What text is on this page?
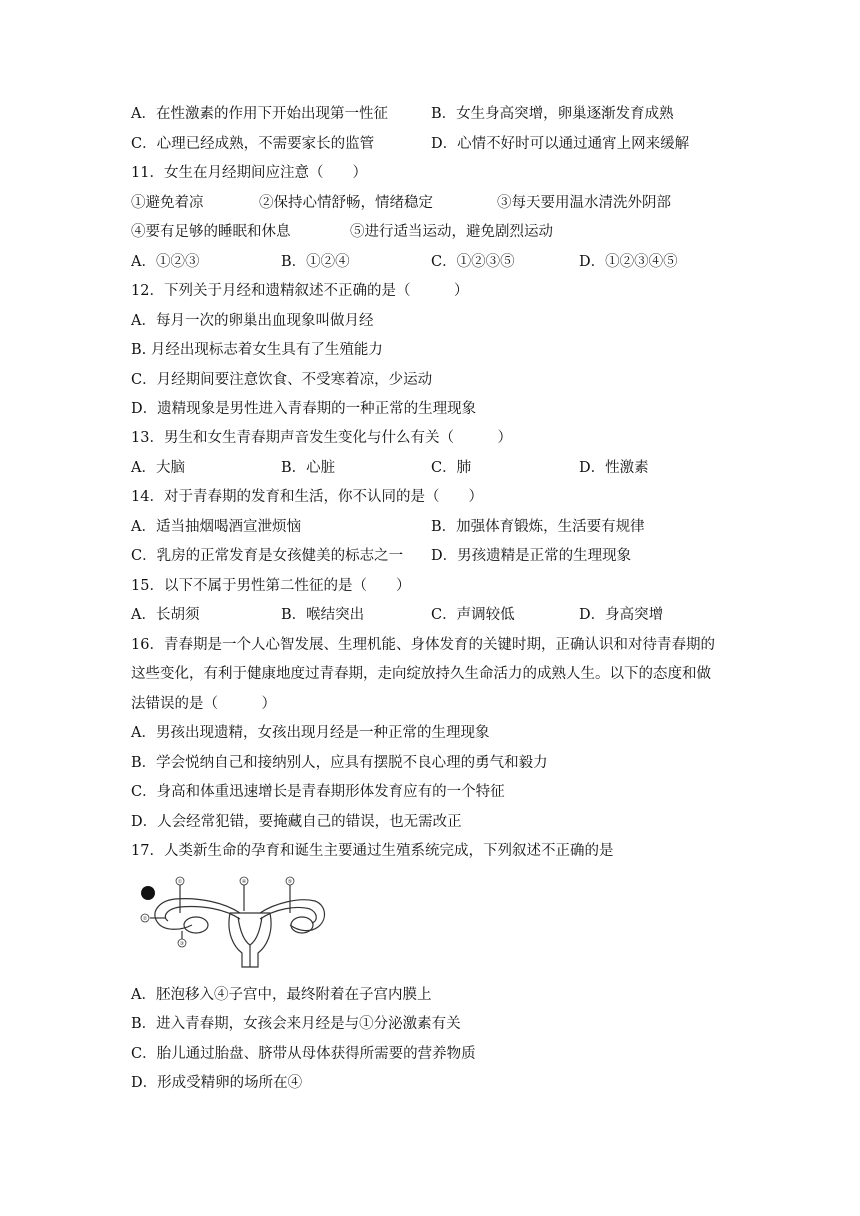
A．在性激素的作用下开始出现第一性征	B．女生身高突增，卵巢逐渐发育成熟
C．心理已经成熟，不需要家长的监管	D．心情不好时可以通过通宵上网来缓解
11．女生在月经期间应注意（　　）
①避免着凉	②保持心情舒畅，情绪稳定	③每天要用温水清洗外阴部
④要有足够的睡眠和休息	⑤进行适当运动，避免剧烈运动
A．①②③	B．①②④	C．①②③⑤	D．①②③④⑤
12．下列关于月经和遗精叙述不正确的是（　　　）
A．每月一次的卵巢出血现象叫做月经
B. 月经出现标志着女生具有了生殖能力
C．月经期间要注意饮食、不受寒着凉，少运动
D．遗精现象是男性进入青春期的一种正常的生理现象
13．男生和女生青春期声音发生变化与什么有关（　　　）
A．大脑	B．心脏	C．肺	D．性激素
14．对于青春期的发育和生活，你不认同的是（　　）
A．适当抽烟喝酒宣泄烦恼	B．加强体育锻炼，生活要有规律
C．乳房的正常发育是女孩健美的标志之一 D．男孩遗精是正常的生理现象
15．以下不属于男性第二性征的是（　　）
A．长胡须	B．喉结突出	C．声调较低	D．身高突增
16．青春期是一个人心智发展、生理机能、身体发育的关键时期，正确认识和对待青春期的
这些变化，有利于健康地度过青春期，走向绽放持久生命活力的成熟人生。以下的态度和做
法错误的是（　　　）
A．男孩出现遗精，女孩出现月经是一种正常的生理现象
B．学会悦纳自己和接纳别人，应具有摆脱不良心理的勇气和毅力
C．身高和体重迅速增长是青春期形体发育应有的一个特征
D．人会经常犯错，要掩藏自己的错误，也无需改正
17．人类新生命的孕育和诞生主要通过生殖系统完成，下列叙述不正确的是
①	④	⑤
②
③
A．胚泡移入④子宫中，最终附着在子宫内膜上
B．进入青春期，女孩会来月经是与①分泌激素有关
C．胎儿通过胎盘、脐带从母体获得所需要的营养物质
D．形成受精卵的场所在④
